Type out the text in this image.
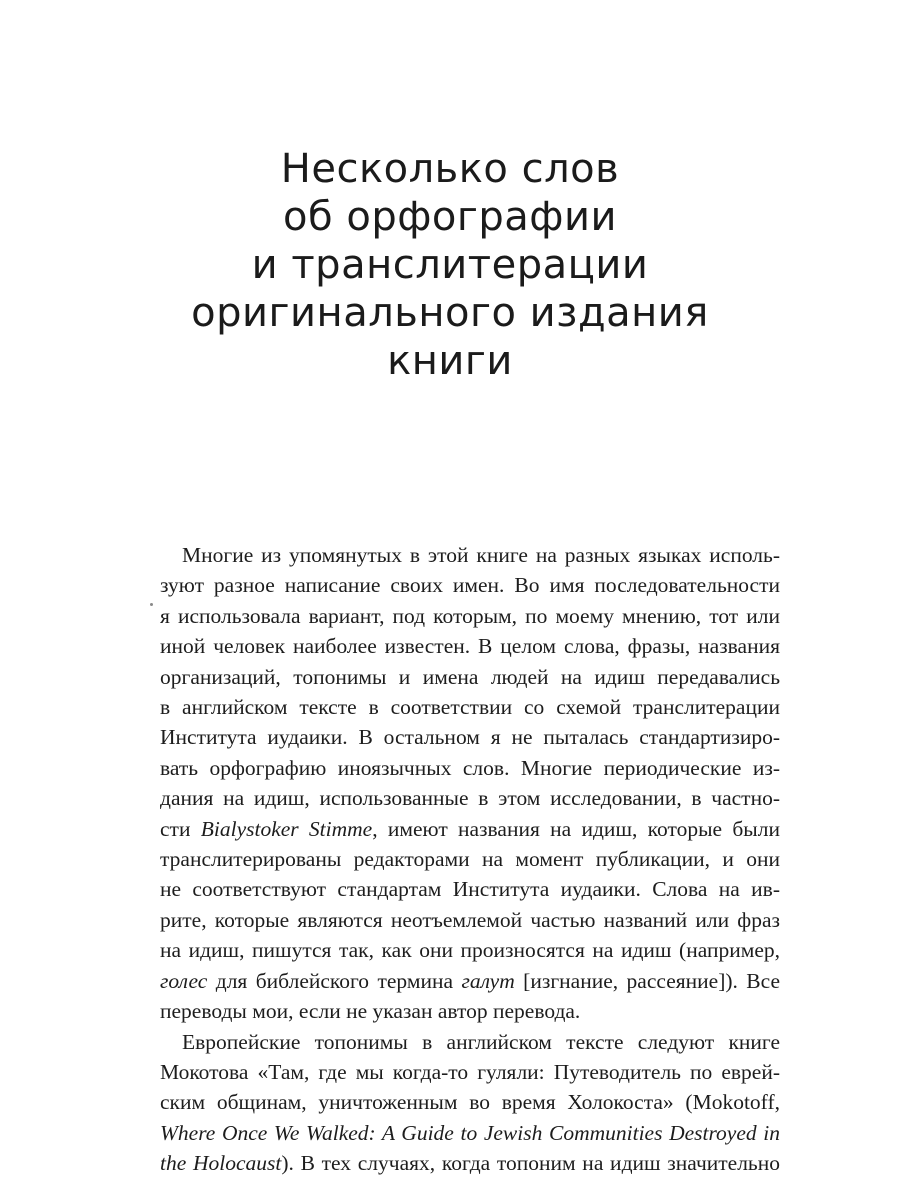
Несколько слов
об орфографии
и транслитерации
оригинального издания
книги
Многие из упомянутых в этой книге на разных языках исполь-
зуют разное написание своих имен. Во имя последовательности
я использовала вариант, под которым, по моему мнению, тот или
иной человек наиболее известен. В целом слова, фразы, названия
организаций, топонимы и имена людей на идиш передавались
в английском тексте в соответствии со схемой транслитерации
Института иудаики. В остальном я не пыталась стандартизиро-
вать орфографию иноязычных слов. Многие периодические из-
дания на идиш, использованные в этом исследовании, в частно-
сти Bialystoker Stimme, имеют названия на идиш, которые были
транслитерированы редакторами на момент публикации, и они
не соответствуют стандартам Института иудаики. Слова на ив-
рите, которые являются неотъемлемой частью названий или фраз
на идиш, пишутся так, как они произносятся на идиш (например,
голес для библейского термина галут [изгнание, рассеяние]). Все
переводы мои, если не указан автор перевода.
Европейские топонимы в английском тексте следуют книге
Мокотова «Там, где мы когда-то гуляли: Путеводитель по еврей-
ским общинам, уничтоженным во время Холокоста» (Mokotoff,
Where Once We Walked: A Guide to Jewish Communities Destroyed in
the Holocaust). В тех случаях, когда топоним на идиш значительно
